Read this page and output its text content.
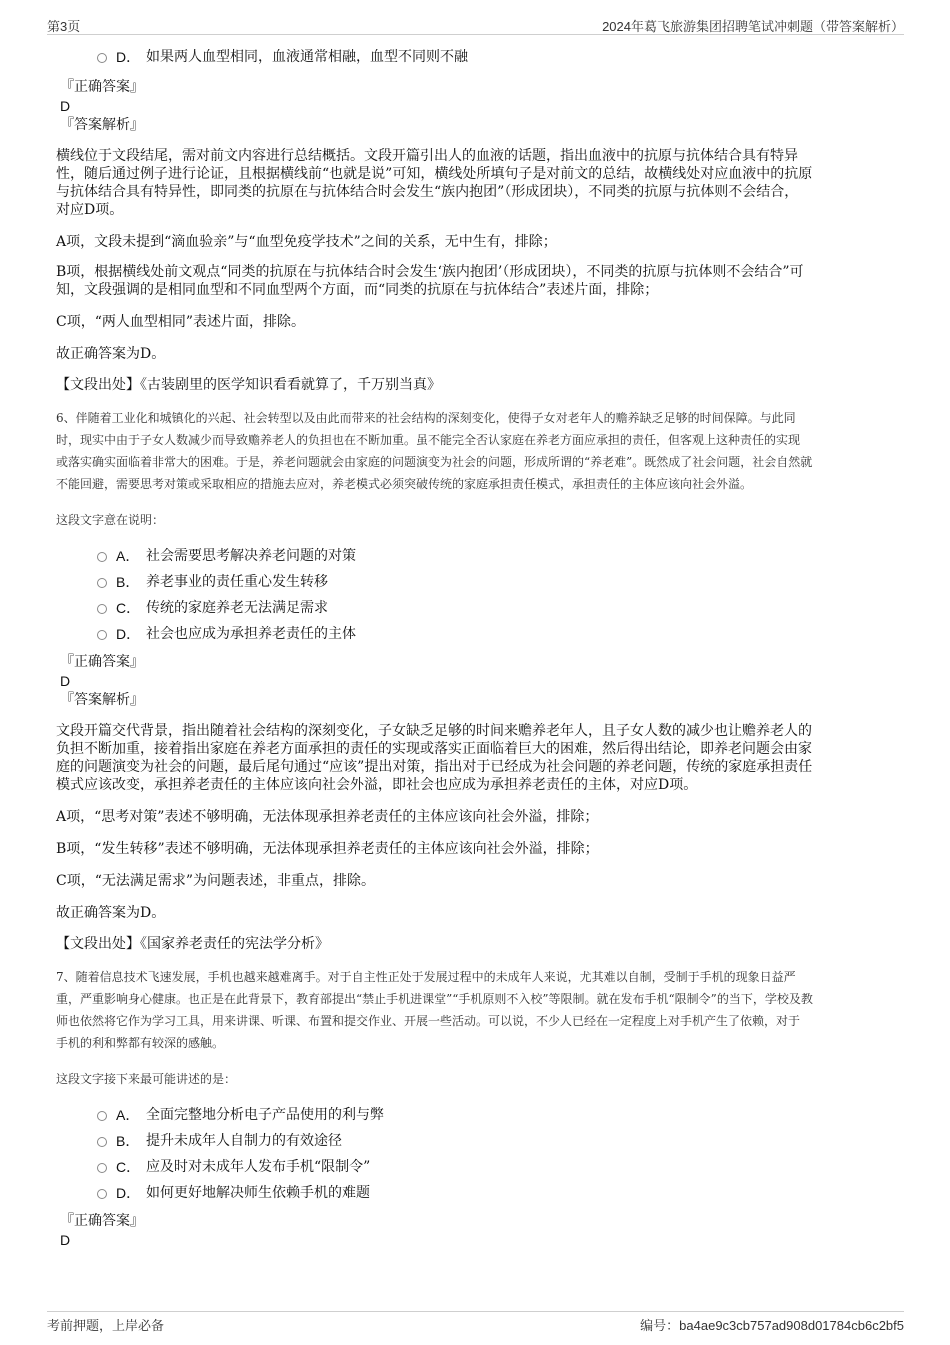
第3页	2024年葛飞旅游集团招聘笔试冲刺题（带答案解析）
D． 如果两人血型相同，血液通常相融，血型不同则不融
『正确答案』
D
『答案解析』

横线位于文段结尾，需对前文内容进行总结概括。文段开篇引出人的血液的话题，指出血液中的抗原与抗体结合具有特异

性，随后通过例子进行论证，且根据横线前“也就是说”可知，横线处所填句子是对前文的总结，故横线处对应血液中的抗原

与抗体结合具有特异性，即同类的抗原在与抗体结合时会发生“族内抱团”（形成团块），不同类的抗原与抗体则不会结合，

对应D项。

A项，文段未提到“滴血验亲”与“血型免疫学技术”之间的关系，无中生有，排除；

B项，根据横线处前文观点“同类的抗原在与抗体结合时会发生‘族内抱团’（形成团块），不同类的抗原与抗体则不会结合”可

知，文段强调的是相同血型和不同血型两个方面，而“同类的抗原在与抗体结合”表述片面，排除；

C项，“两人血型相同”表述片面，排除。

故正确答案为D。

【文段出处】《古装剧里的医学知识看看就算了，千万别当真》

6、伴随着工业化和城镇化的兴起、社会转型以及由此而带来的社会结构的深刻变化，使得子女对老年人的赡养缺乏足够的时间保障。与此同

时，现实中由于子女人数减少而导致赡养老人的负担也在不断加重。虽不能完全否认家庭在养老方面应承担的责任，但客观上这种责任的实现

或落实确实面临着非常大的困难。于是，养老问题就会由家庭的问题演变为社会的问题，形成所谓的“养老难”。既然成了社会问题，社会自然就

不能回避，需要思考对策或采取相应的措施去应对，养老模式必须突破传统的家庭承担责任模式，承担责任的主体应该向社会外溢。

这段文字意在说明：

A． 社会需要思考解决养老问题的对策
B． 养老事业的责任重心发生转移
C． 传统的家庭养老无法满足需求
D． 社会也应成为承担养老责任的主体
『正确答案』
D
『答案解析』

文段开篇交代背景，指出随着社会结构的深刻变化，子女缺乏足够的时间来赡养老年人，且子女人数的减少也让赡养老人的

负担不断加重，接着指出家庭在养老方面承担的责任的实现或落实正面临着巨大的困难，然后得出结论，即养老问题会由家

庭的问题演变为社会的问题，最后尾句通过“应该”提出对策，指出对于已经成为社会问题的养老问题，传统的家庭承担责任

模式应该改变，承担养老责任的主体应该向社会外溢，即社会也应成为承担养老责任的主体，对应D项。

A项，“思考对策”表述不够明确，无法体现承担养老责任的主体应该向社会外溢，排除；

B项，“发生转移”表述不够明确，无法体现承担养老责任的主体应该向社会外溢，排除；

C项，“无法满足需求”为问题表述，非重点，排除。

故正确答案为D。

【文段出处】《国家养老责任的宪法学分析》

7、随着信息技术飞速发展，手机也越来越难离手。对于自主性正处于发展过程中的未成年人来说，尤其难以自制，受制于手机的现象日益严

重，严重影响身心健康。也正是在此背景下，教育部提出“禁止手机进课堂”“手机原则不入校”等限制。就在发布手机“限制令”的当下，学校及教

师也依然将它作为学习工具，用来讲课、听课、布置和提交作业、开展一些活动。可以说，不少人已经在一定程度上对手机产生了依赖，对于

手机的利和弊都有较深的感触。

这段文字接下来最可能讲述的是：

A． 全面完整地分析电子产品使用的利与弊
B． 提升未成年人自制力的有效途径
C． 应及时对未成年人发布手机“限制令”
D． 如何更好地解决师生依赖手机的难题
『正确答案』
D
考前押题，上岸必备	编号：ba4ae9c3cb757ad908d01784cb6c2bf5
